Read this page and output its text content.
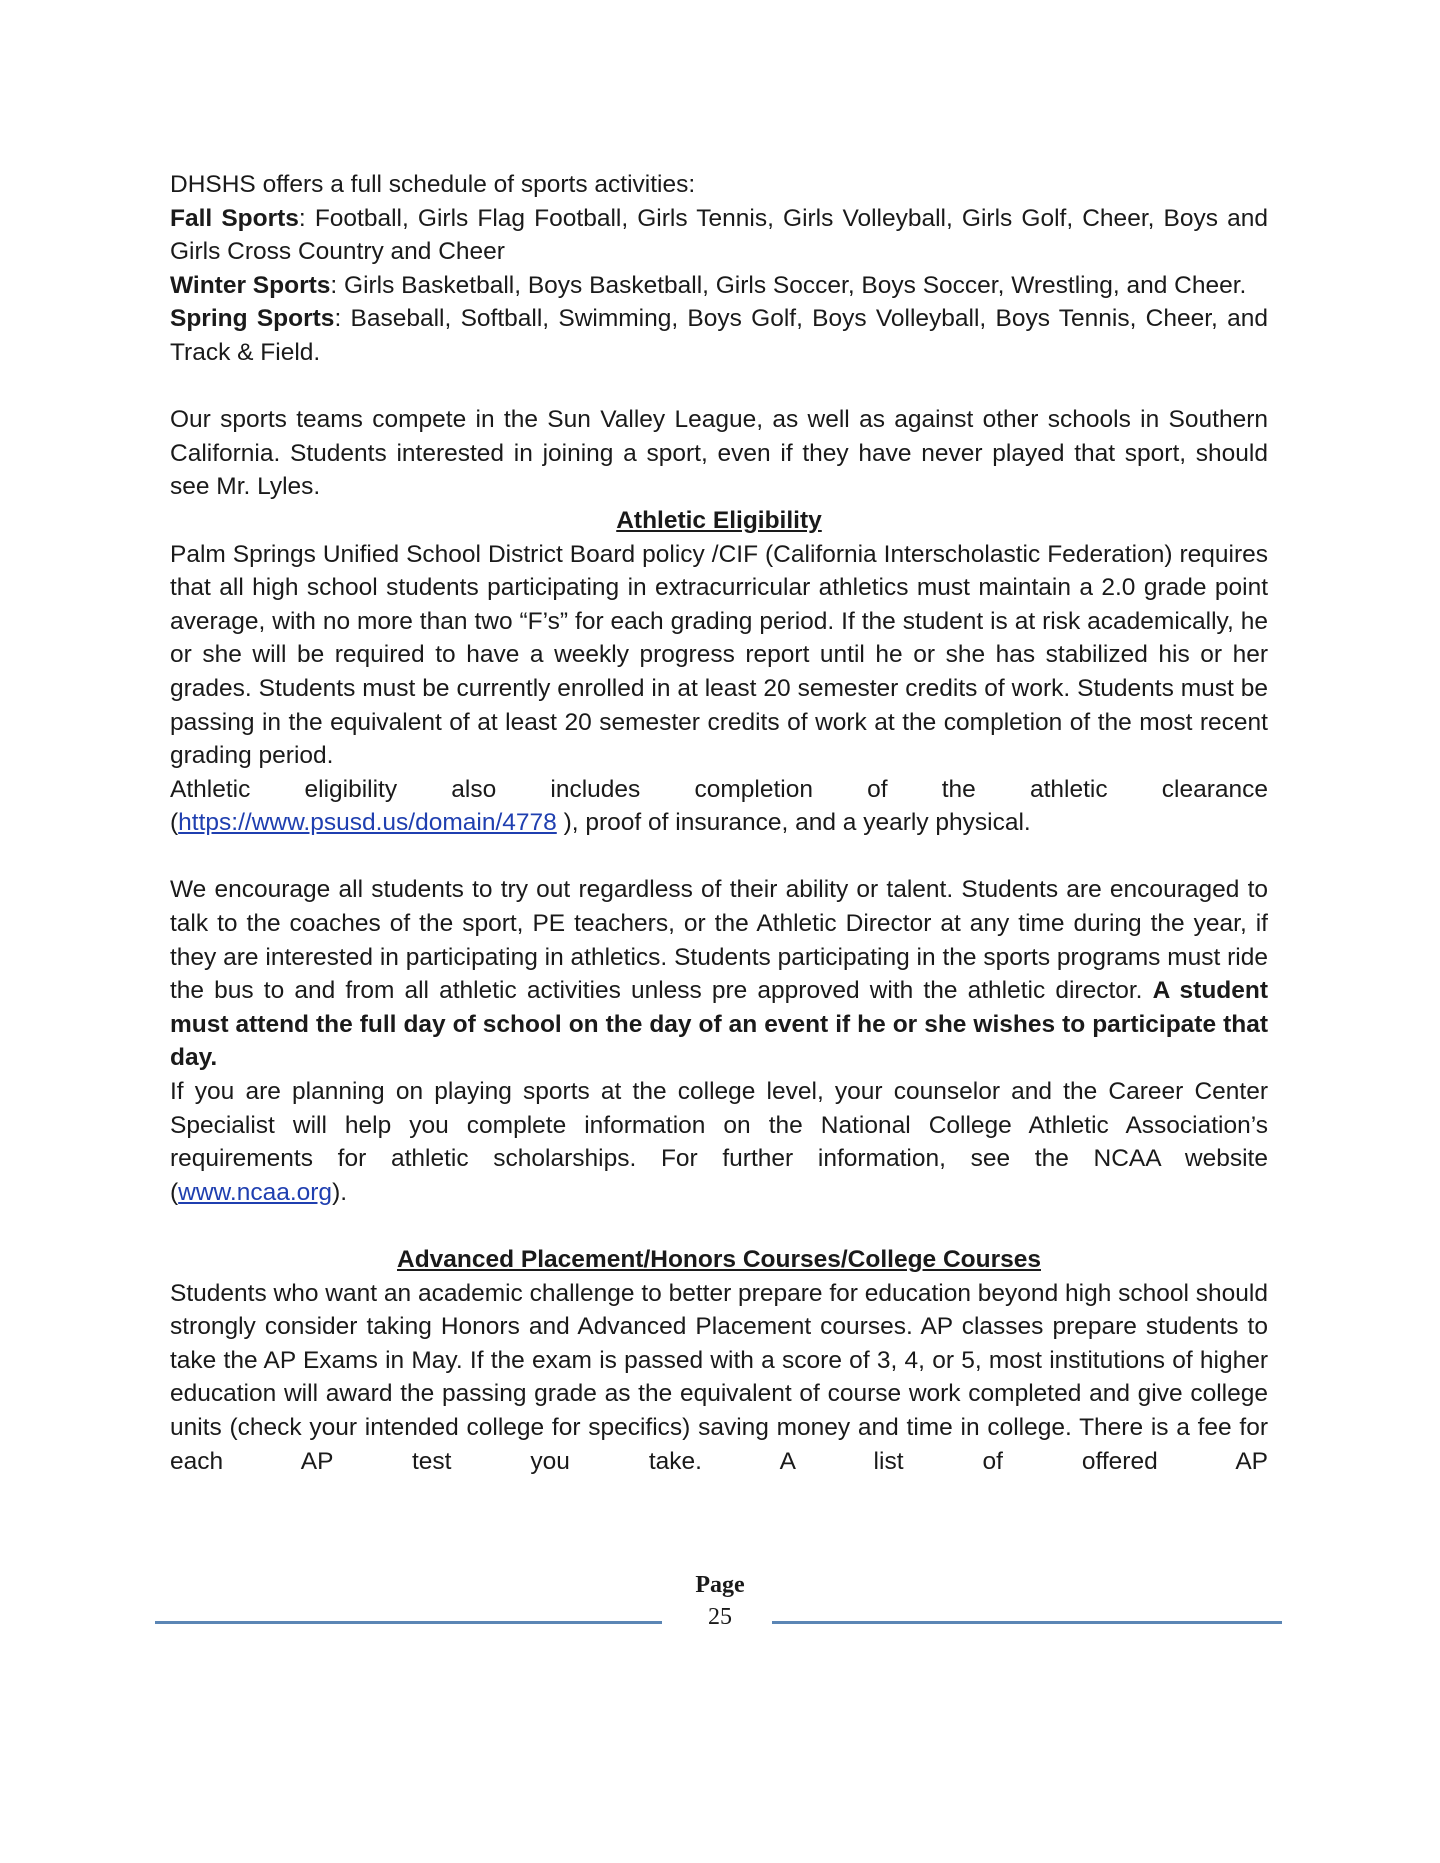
DHSHS offers a full schedule of sports activities:

Fall Sports: Football, Girls Flag Football, Girls Tennis, Girls Volleyball, Girls Golf, Cheer, Boys and Girls Cross Country and Cheer

Winter Sports: Girls Basketball, Boys Basketball, Girls Soccer, Boys Soccer, Wrestling, and Cheer.

Spring Sports: Baseball, Softball, Swimming, Boys Golf, Boys Volleyball, Boys Tennis, Cheer, and Track & Field.

Our sports teams compete in the Sun Valley League, as well as against other schools in Southern California. Students interested in joining a sport, even if they have never played that sport, should see Mr. Lyles.

Athletic Eligibility

Palm Springs Unified School District Board policy /CIF (California Interscholastic Federation) requires that all high school students participating in extracurricular athletics must maintain a 2.0 grade point average, with no more than two “F’s” for each grading period. If the student is at risk academically, he or she will be required to have a weekly progress report until he or she has stabilized his or her grades. Students must be currently enrolled in at least 20 semester credits of work. Students must be passing in the equivalent of at least 20 semester credits of work at the completion of the most recent grading period.

Athletic eligibility also includes completion of the athletic clearance

(https://www.psusd.us/domain/4778 ), proof of insurance, and a yearly physical.

We encourage all students to try out regardless of their ability or talent. Students are encouraged to talk to the coaches of the sport, PE teachers, or the Athletic Director at any time during the year, if they are interested in participating in athletics. Students participating in the sports programs must ride the bus to and from all athletic activities unless pre approved with the athletic director. A student must attend the full day of school on the day of an event if he or she wishes to participate that day.

If you are planning on playing sports at the college level, your counselor and the Career Center Specialist will help you complete information on the National College Athletic Association’s requirements for athletic scholarships. For further information, see the NCAA website (www.ncaa.org).

Advanced Placement/Honors Courses/College Courses

Students who want an academic challenge to better prepare for education beyond high school should strongly consider taking Honors and Advanced Placement courses. AP classes prepare students to take the AP Exams in May. If the exam is passed with a score of 3, 4, or 5, most institutions of higher education will award the passing grade as the equivalent of course work completed and give college units (check your intended college for specifics) saving money and time in college. There is a fee for each AP test you take. A list of offered AP

Page
25
